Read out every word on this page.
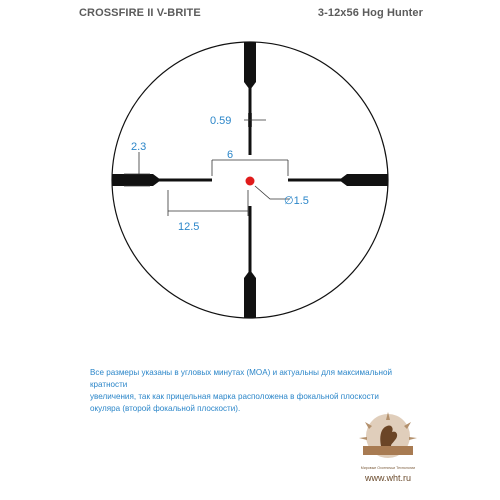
CROSSFIRE II V-BRITE	3-12x56 Hog Hunter
0.59
6
2.3
∅1.5
12.5
Все размеры указаны в угловых минутах (MOA) и актуальны для максимальной кратности
увеличения, так как прицельная марка расположена в фокальной плоскости
окуляра (второй фокальной плоскости).
Мировые Охотничьи Технологии
www.wht.ru
